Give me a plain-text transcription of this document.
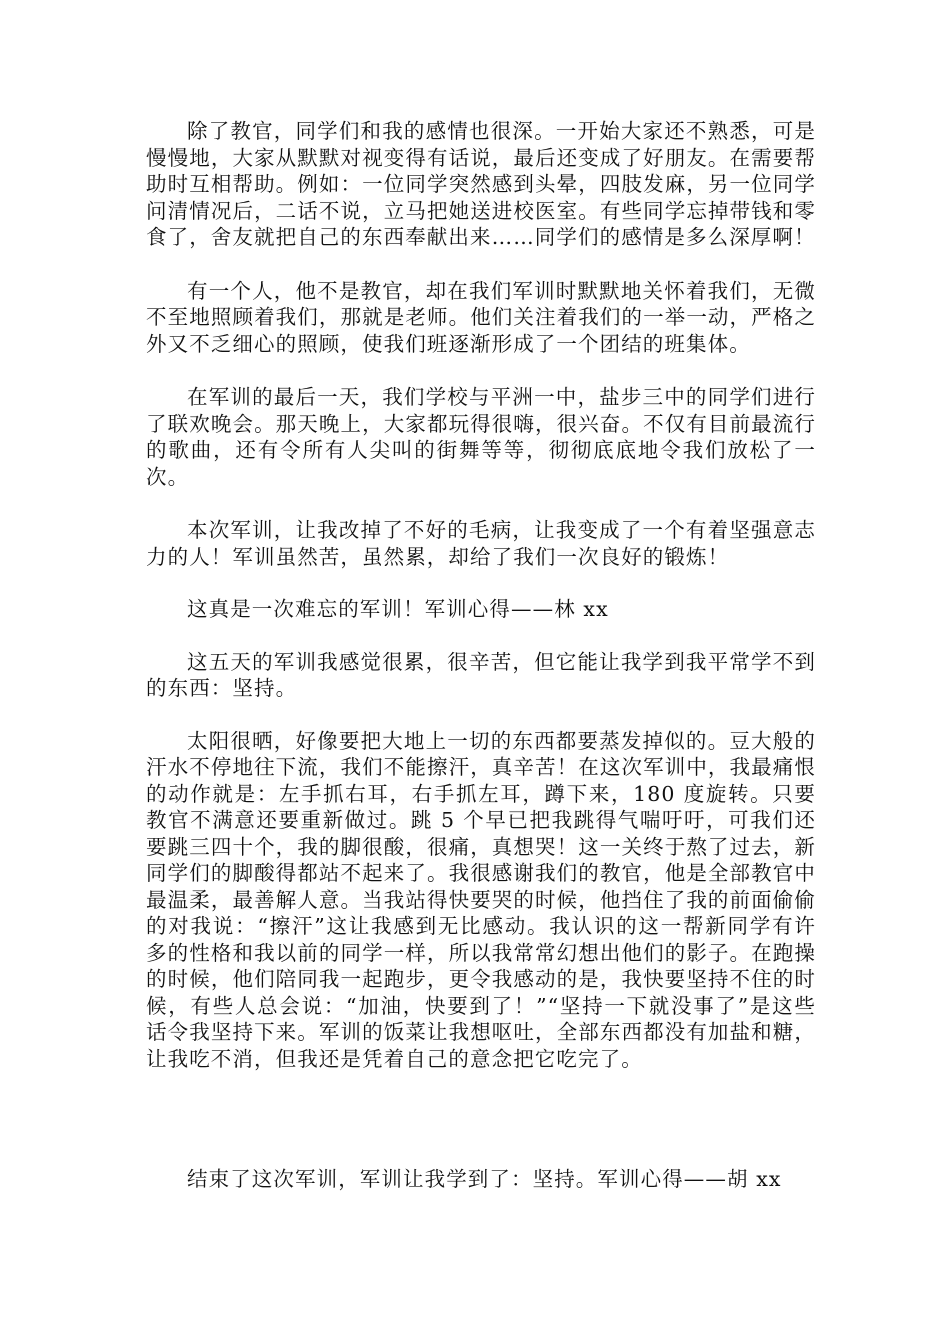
除了教官，同学们和我的感情也很深。一开始大家还不熟悉，可是慢慢地，大家从默默对视变得有话说，最后还变成了好朋友。在需要帮助时互相帮助。例如：一位同学突然感到头晕，四肢发麻，另一位同学问清情况后，二话不说，立马把她送进校医室。有些同学忘掉带钱和零食了，舍友就把自己的东西奉献出来……同学们的感情是多么深厚啊！

有一个人，他不是教官，却在我们军训时默默地关怀着我们，无微不至地照顾着我们，那就是老师。他们关注着我们的一举一动，严格之外又不乏细心的照顾，使我们班逐渐形成了一个团结的班集体。

在军训的最后一天，我们学校与平洲一中，盐步三中的同学们进行了联欢晚会。那天晚上，大家都玩得很嗨，很兴奋。不仅有目前最流行的歌曲，还有令所有人尖叫的街舞等等，彻彻底底地令我们放松了一次。

本次军训，让我改掉了不好的毛病，让我变成了一个有着坚强意志力的人！军训虽然苦，虽然累，却给了我们一次良好的锻炼！

这真是一次难忘的军训！军训心得——林 xx

这五天的军训我感觉很累，很辛苦，但它能让我学到我平常学不到的东西：坚持。

太阳很晒，好像要把大地上一切的东西都要蒸发掉似的。豆大般的汗水不停地往下流，我们不能擦汗，真辛苦！在这次军训中，我最痛恨的动作就是：左手抓右耳，右手抓左耳，蹲下来，180 度旋转。只要教官不满意还要重新做过。跳 5 个早已把我跳得气喘吁吁，可我们还要跳三四十个，我的脚很酸，很痛，真想哭！这一关终于熬了过去，新同学们的脚酸得都站不起来了。我很感谢我们的教官，他是全部教官中最温柔，最善解人意。当我站得快要哭的时候，他挡住了我的前面偷偷的对我说：“擦汗”这让我感到无比感动。我认识的这一帮新同学有许多的性格和我以前的同学一样，所以我常常幻想出他们的影子。在跑操的时候，他们陪同我一起跑步，更令我感动的是，我快要坚持不住的时候，有些人总会说：“加油，快要到了！”“坚持一下就没事了”是这些话令我坚持下来。军训的饭菜让我想呕吐，全部东西都没有加盐和糖，让我吃不消，但我还是凭着自己的意念把它吃完了。

结束了这次军训，军训让我学到了：坚持。军训心得——胡 xx
